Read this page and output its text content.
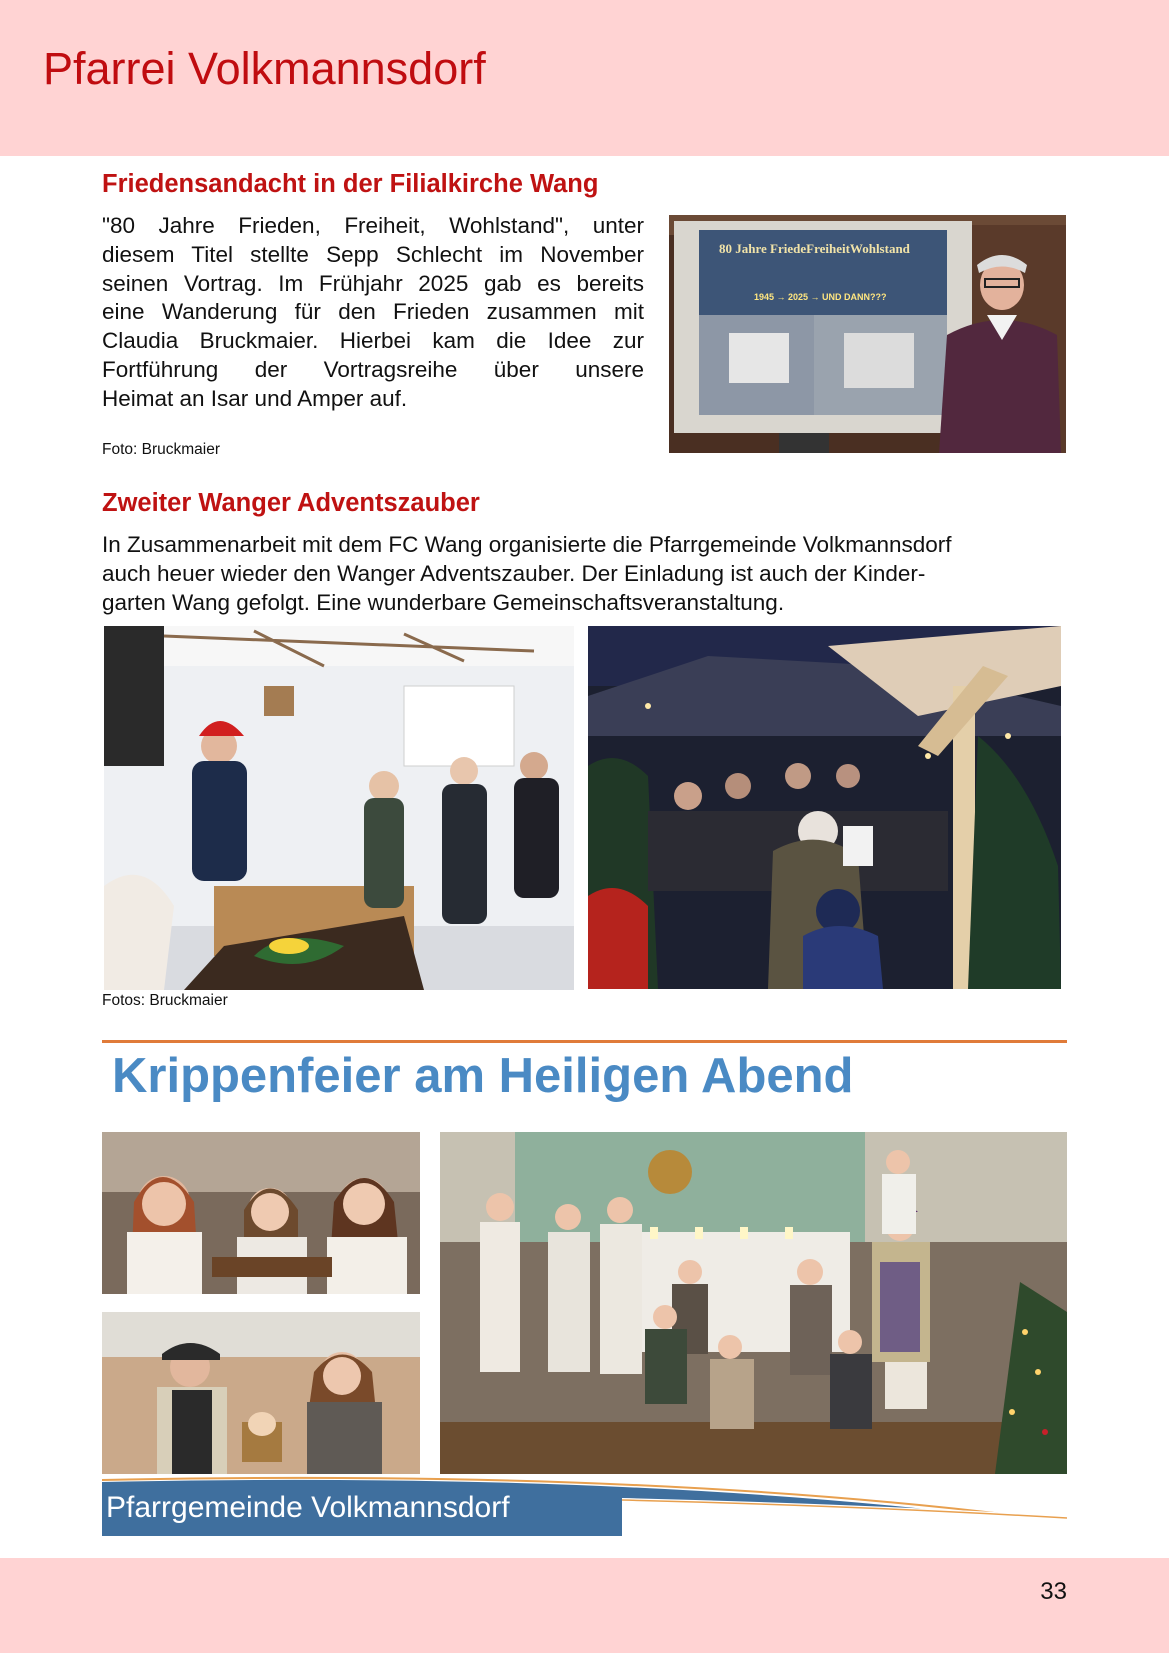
Pfarrei Volkmannsdorf
Friedensandacht in der Filialkirche Wang
"80 Jahre Frieden, Freiheit, Wohlstand", unter
diesem Titel stellte Sepp Schlecht im November
seinen Vortrag. Im Frühjahr 2025 gab es bereits
eine Wanderung für den Frieden zusammen mit
Claudia Bruckmaier. Hierbei kam die Idee zur
Fortführung der Vortragsreihe über unsere
Heimat an Isar und Amper auf.
Foto: Bruckmaier
80 Jahre FriedeFreiheitWohlstand
1945 → 2025 → UND DANN???
Zweiter Wanger Adventszauber
In Zusammenarbeit mit dem FC Wang organisierte die Pfarrgemeinde Volkmannsdorf
auch heuer wieder den Wanger Adventszauber. Der Einladung ist auch der Kinder-
garten Wang gefolgt. Eine wunderbare Gemeinschaftsveranstaltung.
Fotos: Bruckmaier
Krippenfeier am Heiligen Abend
Pfarrgemeinde Volkmannsdorf
33
